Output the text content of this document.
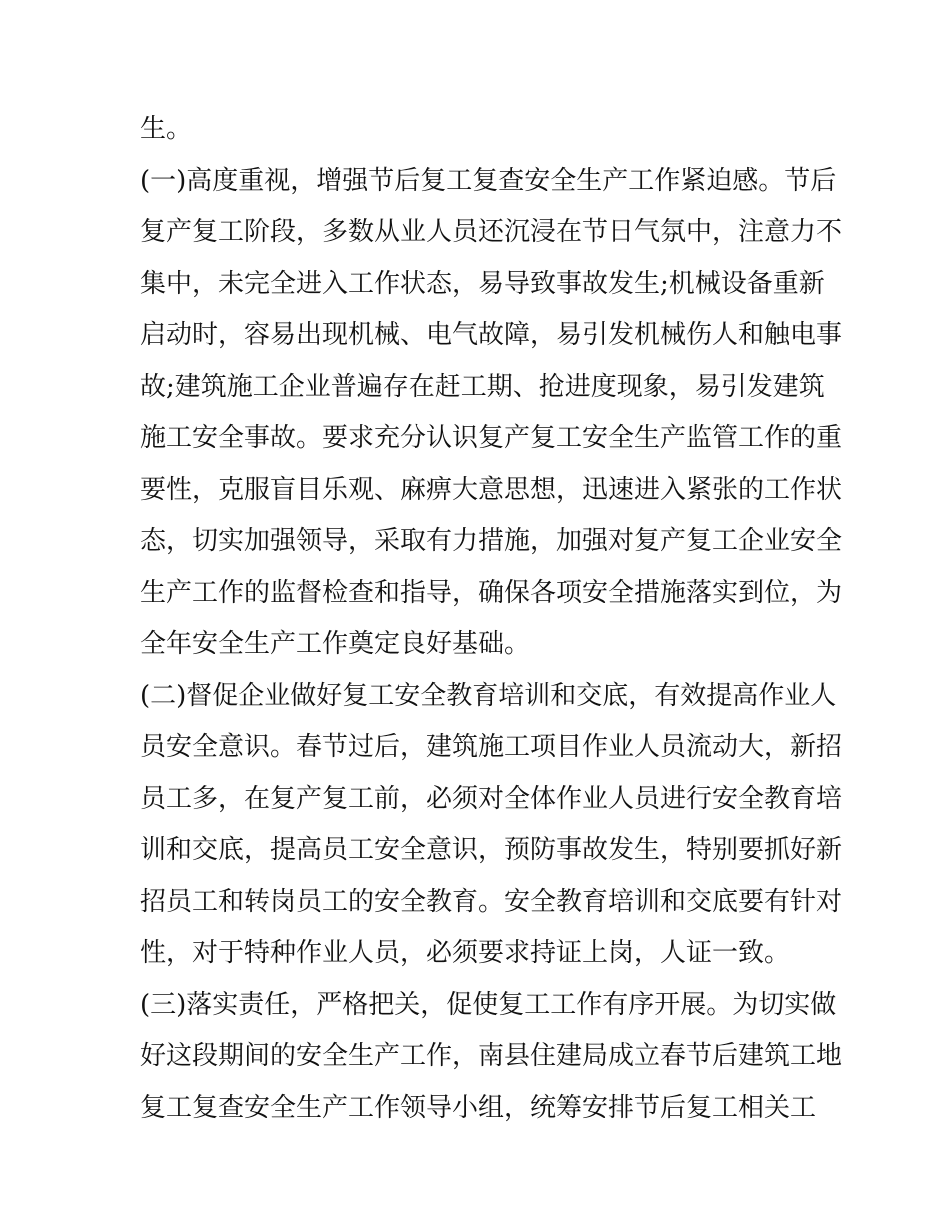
生。
(一)高度重视，增强节后复工复查安全生产工作紧迫感。节后
复产复工阶段，多数从业人员还沉浸在节日气氛中，注意力不
集中，未完全进入工作状态，易导致事故发生;机械设备重新
启动时，容易出现机械、电气故障，易引发机械伤人和触电事
故;建筑施工企业普遍存在赶工期、抢进度现象，易引发建筑
施工安全事故。要求充分认识复产复工安全生产监管工作的重
要性，克服盲目乐观、麻痹大意思想，迅速进入紧张的工作状
态，切实加强领导，采取有力措施，加强对复产复工企业安全
生产工作的监督检查和指导，确保各项安全措施落实到位，为
全年安全生产工作奠定良好基础。
(二)督促企业做好复工安全教育培训和交底，有效提高作业人
员安全意识。春节过后，建筑施工项目作业人员流动大，新招
员工多，在复产复工前，必须对全体作业人员进行安全教育培
训和交底，提高员工安全意识，预防事故发生，特别要抓好新
招员工和转岗员工的安全教育。安全教育培训和交底要有针对
性，对于特种作业人员，必须要求持证上岗，人证一致。
(三)落实责任，严格把关，促使复工工作有序开展。为切实做
好这段期间的安全生产工作，南县住建局成立春节后建筑工地
复工复查安全生产工作领导小组，统筹安排节后复工相关工
